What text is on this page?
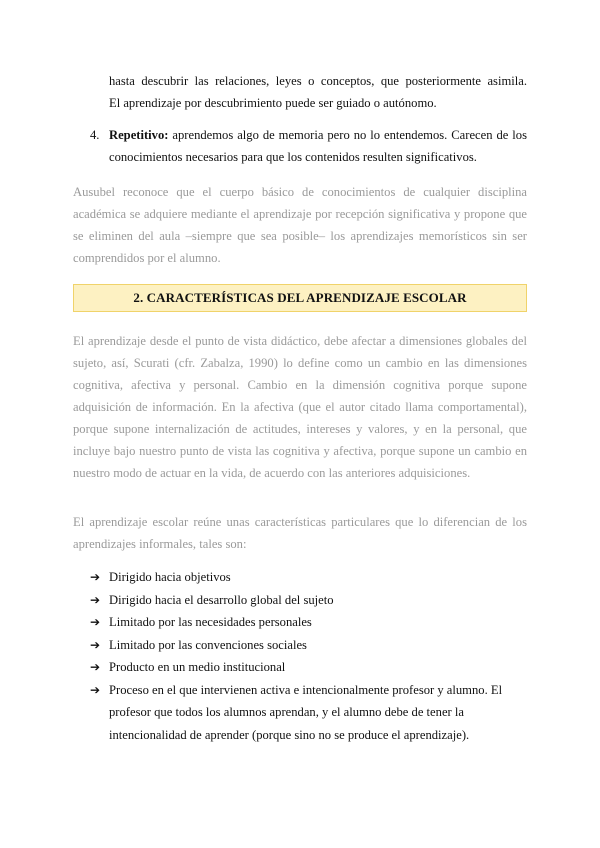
hasta descubrir las relaciones, leyes o conceptos, que posteriormente asimila.
El aprendizaje por descubrimiento puede ser guiado o autónomo.
4. Repetitivo: aprendemos algo de memoria pero no lo entendemos. Carecen de los conocimientos necesarios para que los contenidos resulten significativos.

Ausubel reconoce que el cuerpo básico de conocimientos de cualquier disciplina académica se adquiere mediante el aprendizaje por recepción significativa y propone que se eliminen del aula –siempre que sea posible– los aprendizajes memorísticos sin ser comprendidos por el alumno.

2. CARACTERÍSTICAS DEL APRENDIZAJE ESCOLAR

El aprendizaje desde el punto de vista didáctico, debe afectar a dimensiones globales del sujeto, así, Scurati (cfr. Zabalza, 1990) lo define como un cambio en las dimensiones cognitiva, afectiva y personal. Cambio en la dimensión cognitiva porque supone adquisición de información. En la afectiva (que el autor citado llama comportamental), porque supone internalización de actitudes, intereses y valores, y en la personal, que incluye bajo nuestro punto de vista las cognitiva y afectiva, porque supone un cambio en nuestro modo de actuar en la vida, de acuerdo con las anteriores adquisiciones.

El aprendizaje escolar reúne unas características particulares que lo diferencian de los aprendizajes informales, tales son:

➔ Dirigido hacia objetivos
➔ Dirigido hacia el desarrollo global del sujeto
➔ Limitado por las necesidades personales
➔ Limitado por las convenciones sociales
➔ Producto en un medio institucional
➔ Proceso en el que intervienen activa e intencionalmente profesor y alumno. El profesor que todos los alumnos aprendan, y el alumno debe de tener la intencionalidad de aprender (porque sino no se produce el aprendizaje).
